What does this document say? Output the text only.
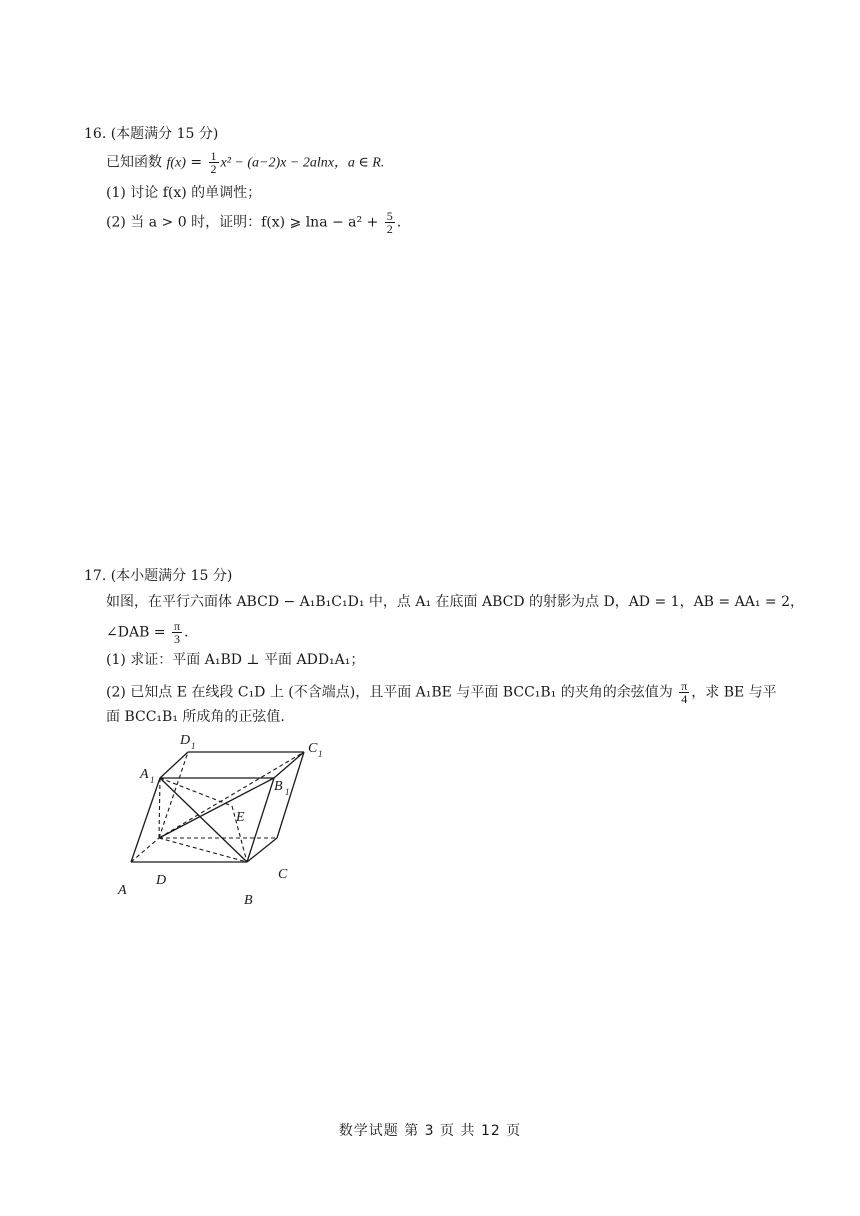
16. (本题满分 15 分)
已知函数 $f(x) = \frac{1}{2} x^2 - (a-2)x - 2alnx$，a ∈ R.
(1) 讨论 f(x) 的单调性；
(2) 当 a > 0 时，证明：f(x) ⩾ $\ln a - a^2 + \frac{5}{2}$ .
17. (本小题满分 15 分)
如图，在平行六面体 ABCD − A₁B₁C₁D₁ 中，点 A₁ 在底面 ABCD 的射影为点 D，AD = 1，AB = AA₁ = 2，
∠DAB = $\frac{\pi}{3}$ .
(1) 求证：平面 A₁BD ⊥ 平面 ADD₁A₁；
(2) 已知点 E 在线段 C₁D 上 (不含端点)，且平面 A₁BE 与平面 BCC₁B₁ 的夹角的余弦值为 $\frac{\pi}{4}$ ，求 BE 与平
面 BCC₁B₁ 所成角的正弦值.
A
B
C
D
E
A 1	B 1
C 1
D 1
数学试题 第 3 页 共 12 页
